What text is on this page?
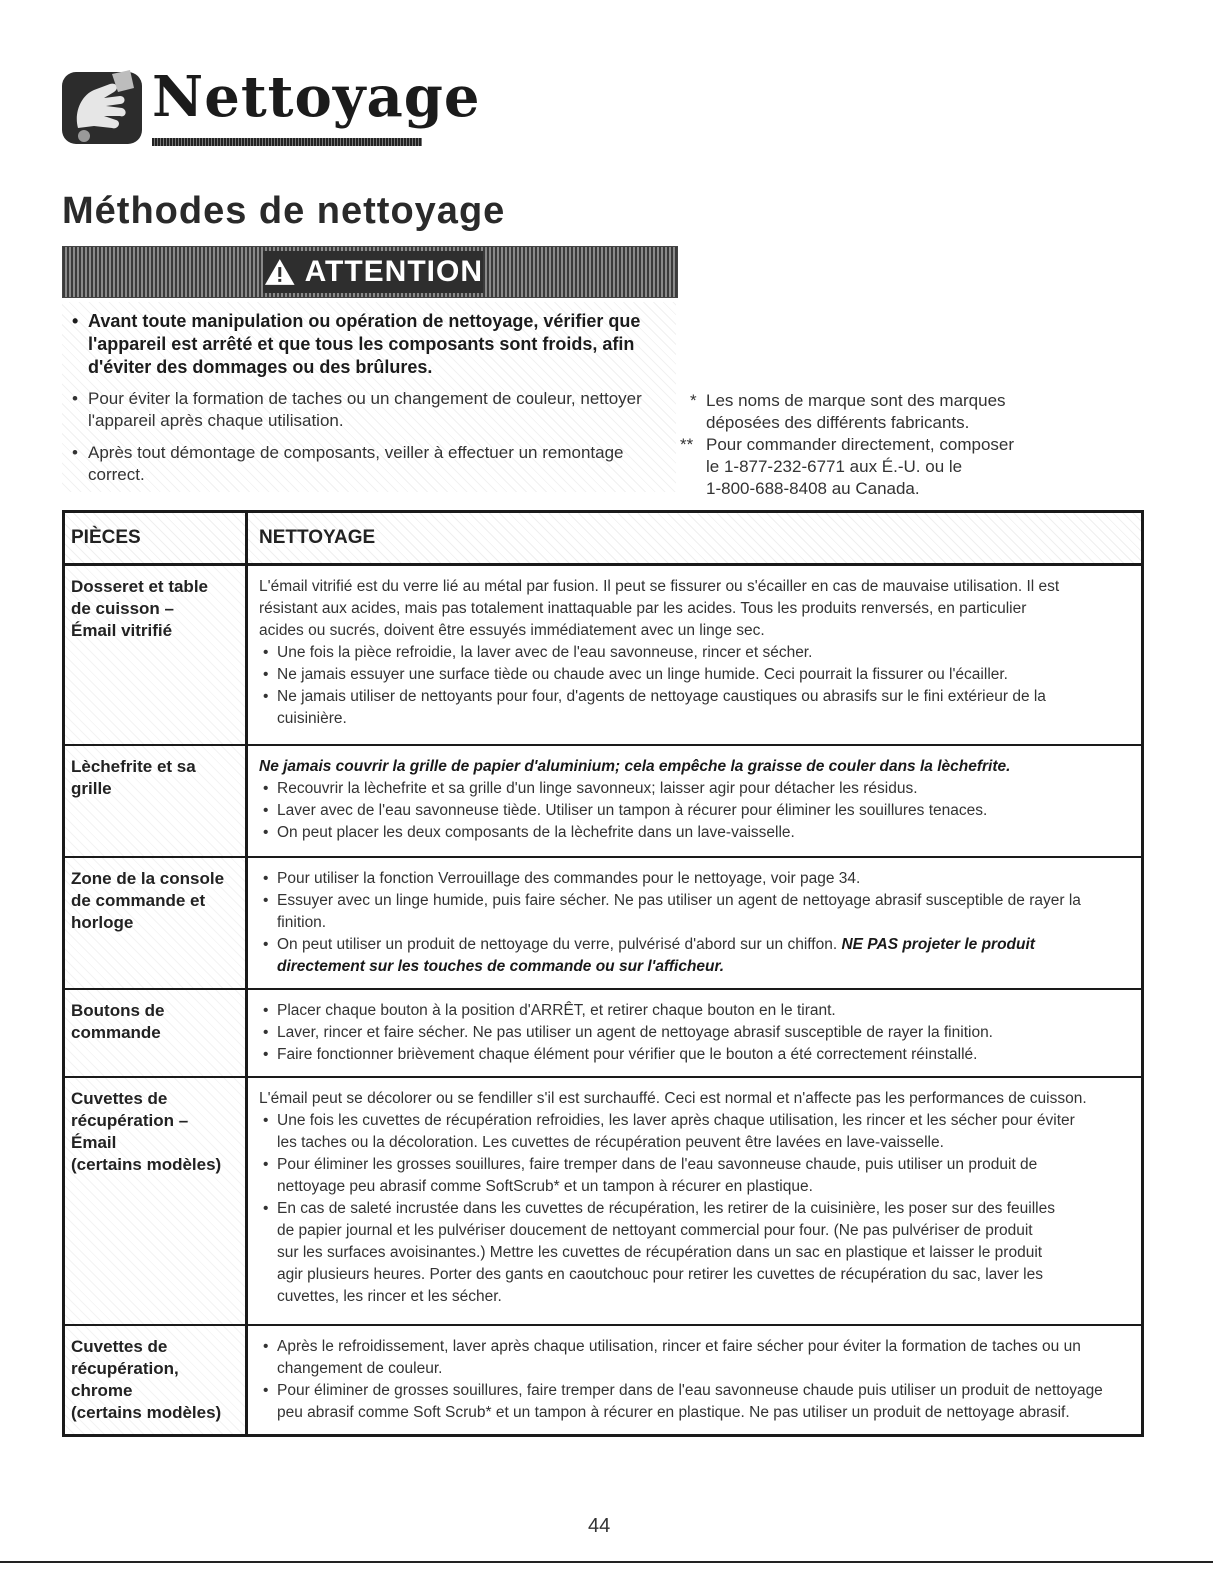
Nettoyage
Méthodes de nettoyage
ATTENTION
• Avant toute manipulation ou opération de nettoyage, vérifier que
l'appareil est arrêté et que tous les composants sont froids, afin
d'éviter des dommages ou des brûlures.
• Pour éviter la formation de taches ou un changement de couleur, nettoyer
l'appareil après chaque utilisation.
• Après tout démontage de composants, veiller à effectuer un remontage
correct.
* Les noms de marque sont des marques
déposées des différents fabricants.
** Pour commander directement, composer
le 1-877-232-6771 aux É.-U. ou le
1-800-688-8408 au Canada.
PIÈCES	NETTOYAGE
Dosseret et table
de cuisson –
Émail vitrifié
L'émail vitrifié est du verre lié au métal par fusion. Il peut se fissurer ou s'écailler en cas de mauvaise utilisation. Il est
résistant aux acides, mais pas totalement inattaquable par les acides. Tous les produits renversés, en particulier
acides ou sucrés, doivent être essuyés immédiatement avec un linge sec.
• Une fois la pièce refroidie, la laver avec de l'eau savonneuse, rincer et sécher.
• Ne jamais essuyer une surface tiède ou chaude avec un linge humide. Ceci pourrait la fissurer ou l'écailler.
• Ne jamais utiliser de nettoyants pour four, d'agents de nettoyage caustiques ou abrasifs sur le fini extérieur de la
cuisinière.
Lèchefrite et sa
grille
Ne jamais couvrir la grille de papier d'aluminium; cela empêche la graisse de couler dans la lèchefrite.
• Recouvrir la lèchefrite et sa grille d'un linge savonneux; laisser agir pour détacher les résidus.
• Laver avec de l'eau savonneuse tiède. Utiliser un tampon à récurer pour éliminer les souillures tenaces.
• On peut placer les deux composants de la lèchefrite dans un lave-vaisselle.
Zone de la console
de commande et
horloge
• Pour utiliser la fonction Verrouillage des commandes pour le nettoyage, voir page 34.
• Essuyer avec un linge humide, puis faire sécher. Ne pas utiliser un agent de nettoyage abrasif susceptible de rayer la
finition.
• On peut utiliser un produit de nettoyage du verre, pulvérisé d'abord sur un chiffon. NE PAS projeter le produit
directement sur les touches de commande ou sur l'afficheur.
Boutons de
commande
• Placer chaque bouton à la position d'ARRÊT, et retirer chaque bouton en le tirant.
• Laver, rincer et faire sécher. Ne pas utiliser un agent de nettoyage abrasif susceptible de rayer la finition.
• Faire fonctionner brièvement chaque élément pour vérifier que le bouton a été correctement réinstallé.
Cuvettes de
récupération –
Émail
(certains modèles)
L'émail peut se décolorer ou se fendiller s'il est surchauffé. Ceci est normal et n'affecte pas les performances de cuisson.
• Une fois les cuvettes de récupération refroidies, les laver après chaque utilisation, les rincer et les sécher pour éviter
les taches ou la décoloration. Les cuvettes de récupération peuvent être lavées en lave-vaisselle.
• Pour éliminer les grosses souillures, faire tremper dans de l'eau savonneuse chaude, puis utiliser un produit de
nettoyage peu abrasif comme SoftScrub* et un tampon à récurer en plastique.
• En cas de saleté incrustée dans les cuvettes de récupération, les retirer de la cuisinière, les poser sur des feuilles
de papier journal et les pulvériser doucement de nettoyant commercial pour four. (Ne pas pulvériser de produit
sur les surfaces avoisinantes.) Mettre les cuvettes de récupération dans un sac en plastique et laisser le produit
agir plusieurs heures. Porter des gants en caoutchouc pour retirer les cuvettes de récupération du sac, laver les
cuvettes, les rincer et les sécher.
Cuvettes de
récupération,
chrome
(certains modèles)
• Après le refroidissement, laver après chaque utilisation, rincer et faire sécher pour éviter la formation de taches ou un
changement de couleur.
• Pour éliminer de grosses souillures, faire tremper dans de l'eau savonneuse chaude puis utiliser un produit de nettoyage
peu abrasif comme Soft Scrub* et un tampon à récurer en plastique. Ne pas utiliser un produit de nettoyage abrasif.
44
